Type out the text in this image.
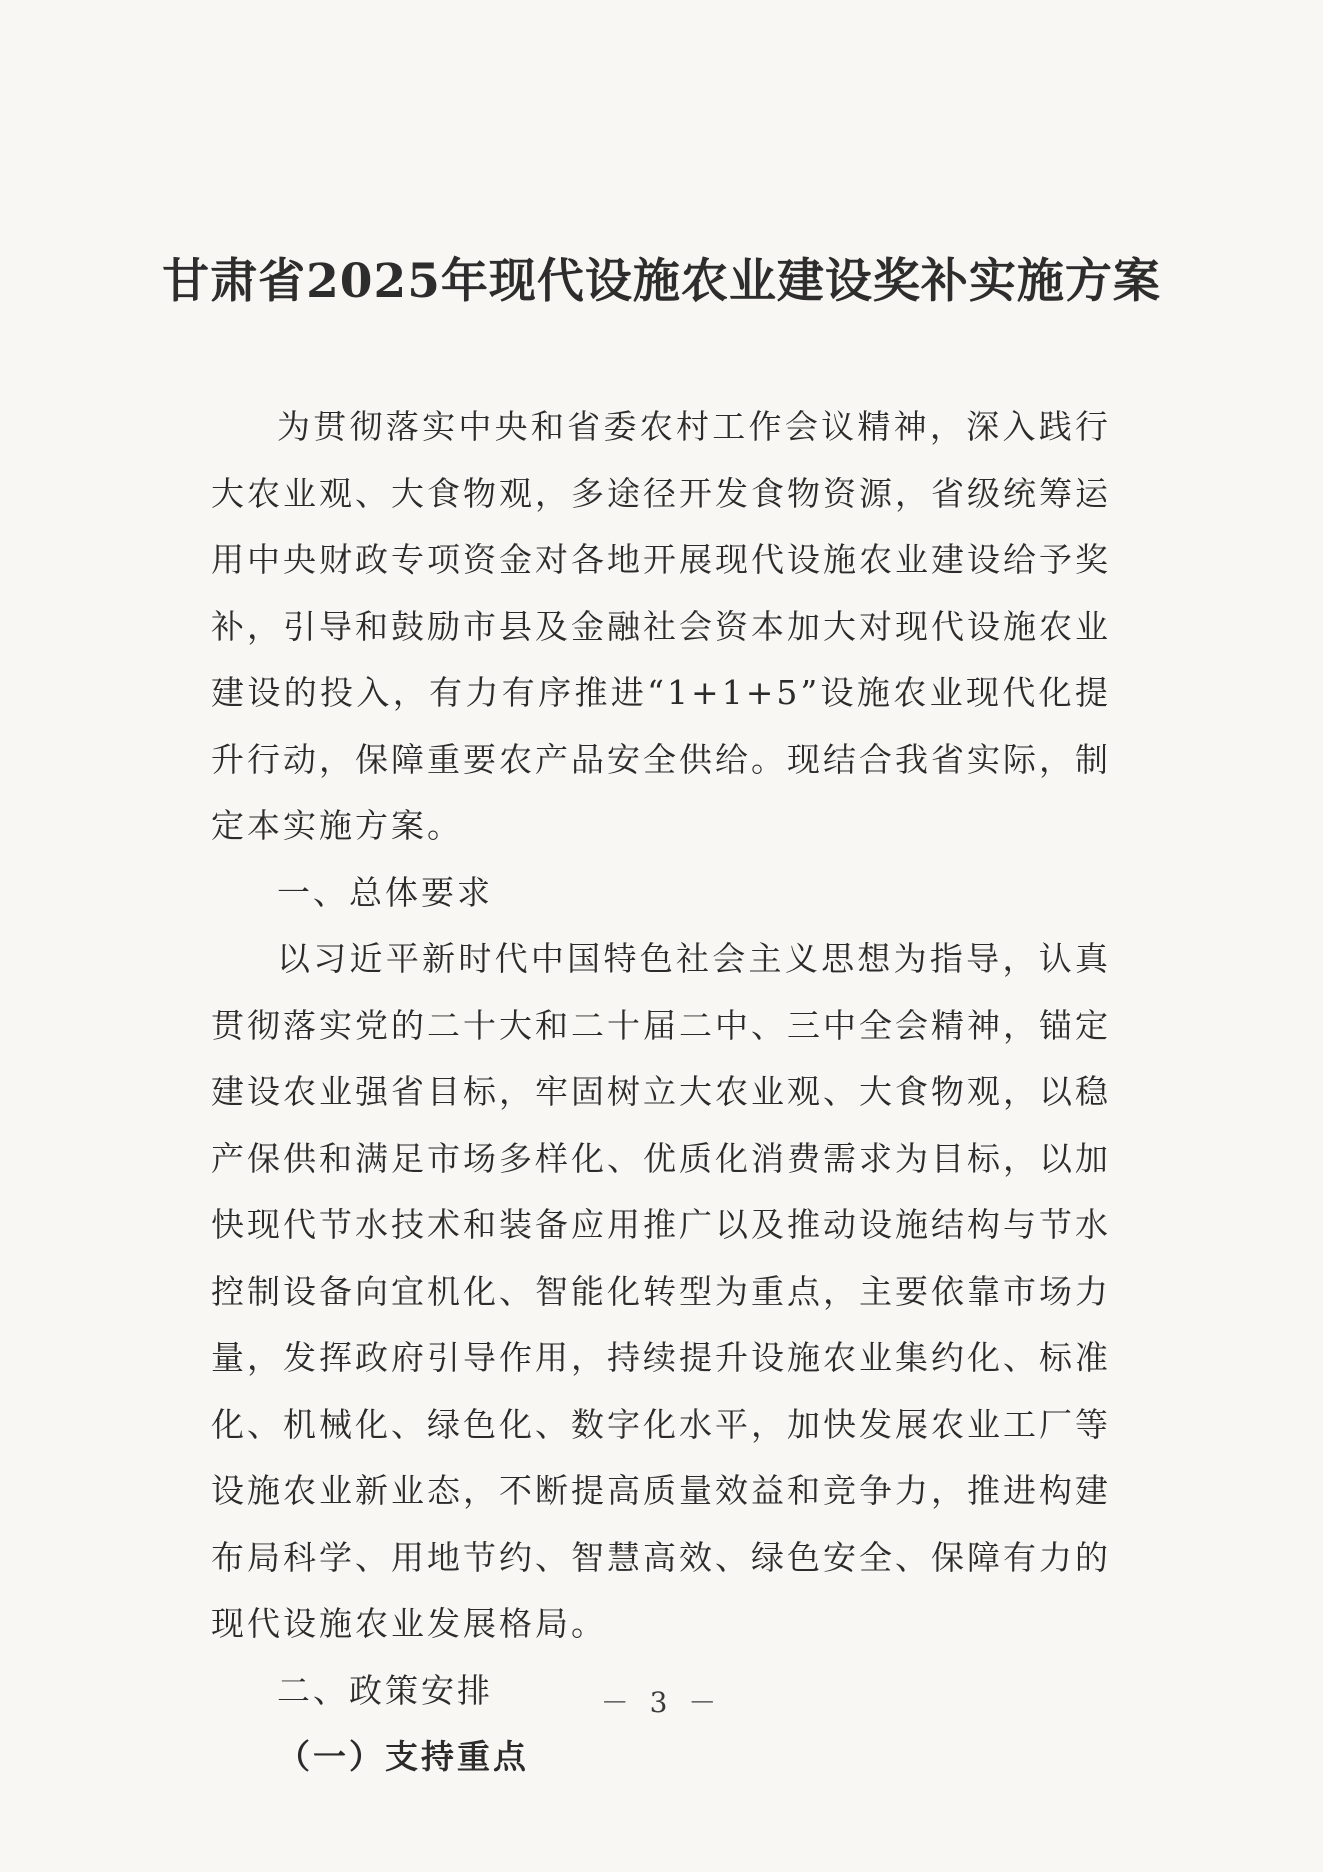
甘肃省2025年现代设施农业建设奖补实施方案

为贯彻落实中央和省委农村工作会议精神，深入践行大农业观、大食物观，多途径开发食物资源，省级统筹运用中央财政专项资金对各地开展现代设施农业建设给予奖补，引导和鼓励市县及金融社会资本加大对现代设施农业建设的投入，有力有序推进“1+1+5”设施农业现代化提升行动，保障重要农产品安全供给。现结合我省实际，制定本实施方案。

一、总体要求

以习近平新时代中国特色社会主义思想为指导，认真贯彻落实党的二十大和二十届二中、三中全会精神，锚定建设农业强省目标，牢固树立大农业观、大食物观，以稳产保供和满足市场多样化、优质化消费需求为目标，以加快现代节水技术和装备应用推广以及推动设施结构与节水控制设备向宜机化、智能化转型为重点，主要依靠市场力量，发挥政府引导作用，持续提升设施农业集约化、标准化、机械化、绿色化、数字化水平，加快发展农业工厂等设施农业新业态，不断提高质量效益和竞争力，推进构建布局科学、用地节约、智慧高效、绿色安全、保障有力的现代设施农业发展格局。

二、政策安排

（一）支持重点

－ 3 －
